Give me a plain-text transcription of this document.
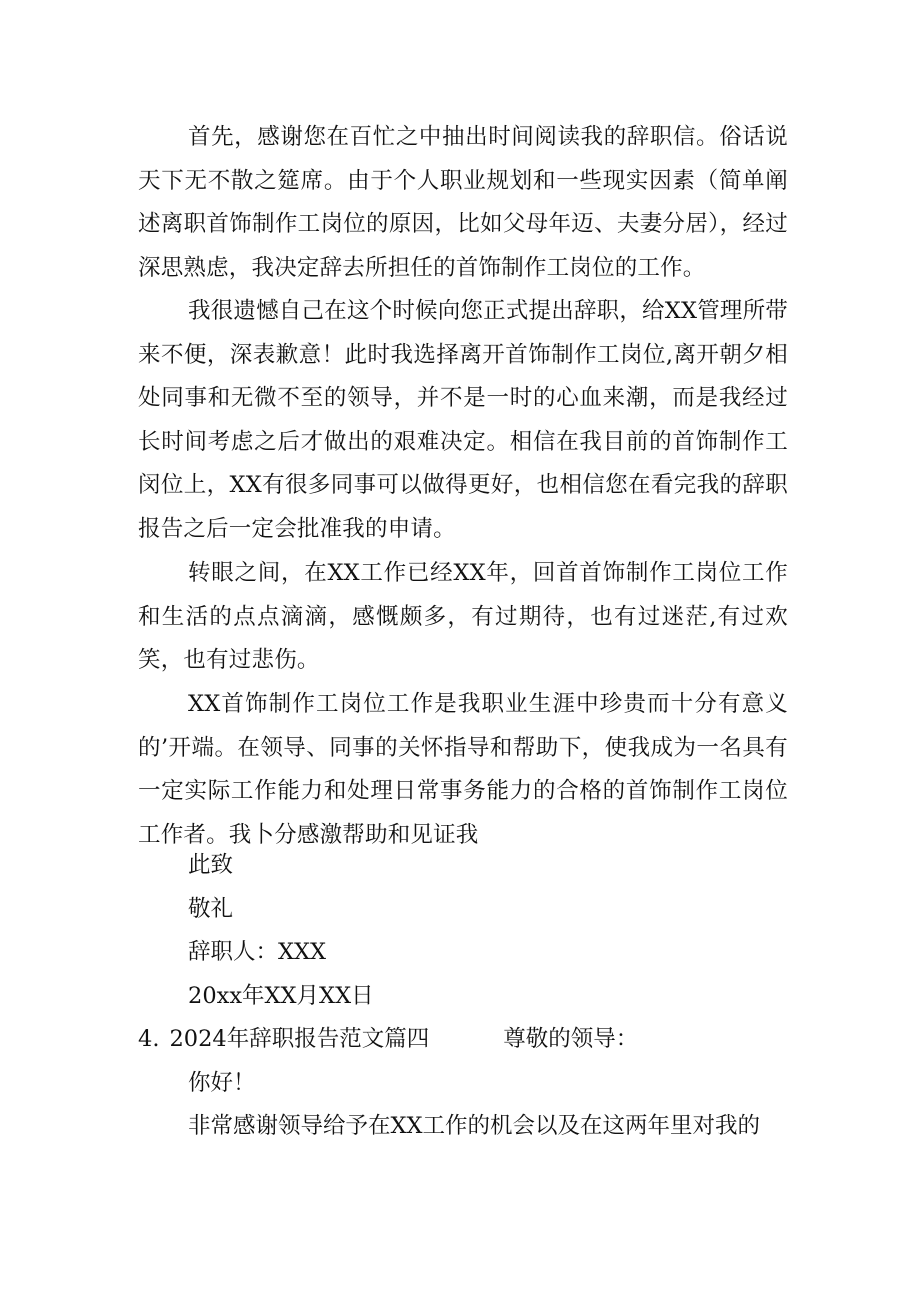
首先，感谢您在百忙之中抽出时间阅读我的辞职信。俗话说天下无不散之筵席。由于个人职业规划和一些现实因素（简单阐述离职首饰制作工岗位的原因，比如父母年迈、夫妻分居），经过深思熟虑，我决定辞去所担任的首饰制作工岗位的工作。

我很遗憾自己在这个时候向您正式提出辞职，给XX管理所带来不便，深表歉意！此时我选择离开首饰制作工岗位,离开朝夕相处同事和无微不至的领导，并不是一时的心血来潮，而是我经过长时间考虑之后才做出的艰难决定。相信在我目前的首饰制作工闵位上，XX有很多同事可以做得更好，也相信您在看完我的辞职报告之后一定会批准我的申请。

转眼之间，在XX工作已经XX年，回首首饰制作工岗位工作和生活的点点滴滴，感慨颇多，有过期待，也有过迷茫,有过欢笑，也有过悲伤。

XX首饰制作工岗位工作是我职业生涯中珍贵而十分有意义的’开端。在领导、同事的关怀指导和帮助下，使我成为一名具有一定实际工作能力和处理日常事务能力的合格的首饰制作工岗位工作者。我卜分感激帮助和见证我

此致

敬礼

辞职人：XXX

20xx年XX月XX日

4. 2024年辞职报告范文篇四	尊敬的领导：

你好！

非常感谢领导给予在XX工作的机会以及在这两年里对我的
